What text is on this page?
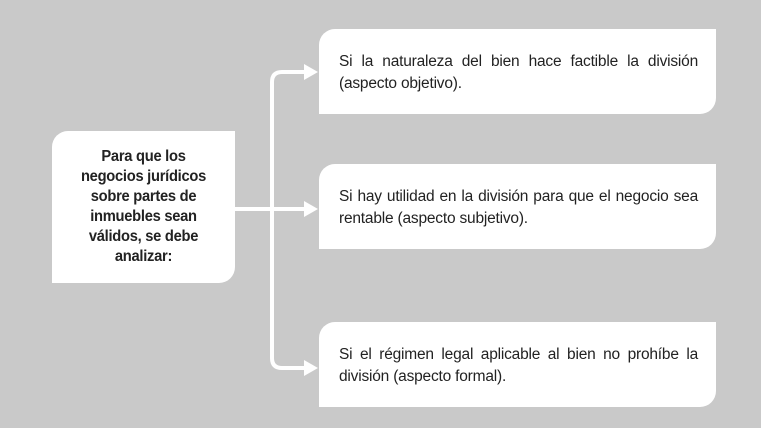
Para que los negocios jurídicos sobre partes de inmuebles sean válidos, se debe analizar:
Si la naturaleza del bien hace factible la división (aspecto objetivo).
Si hay utilidad en la división para que el negocio sea rentable (aspecto subjetivo).
Si el régimen legal aplicable al bien no prohíbe la división (aspecto formal).
